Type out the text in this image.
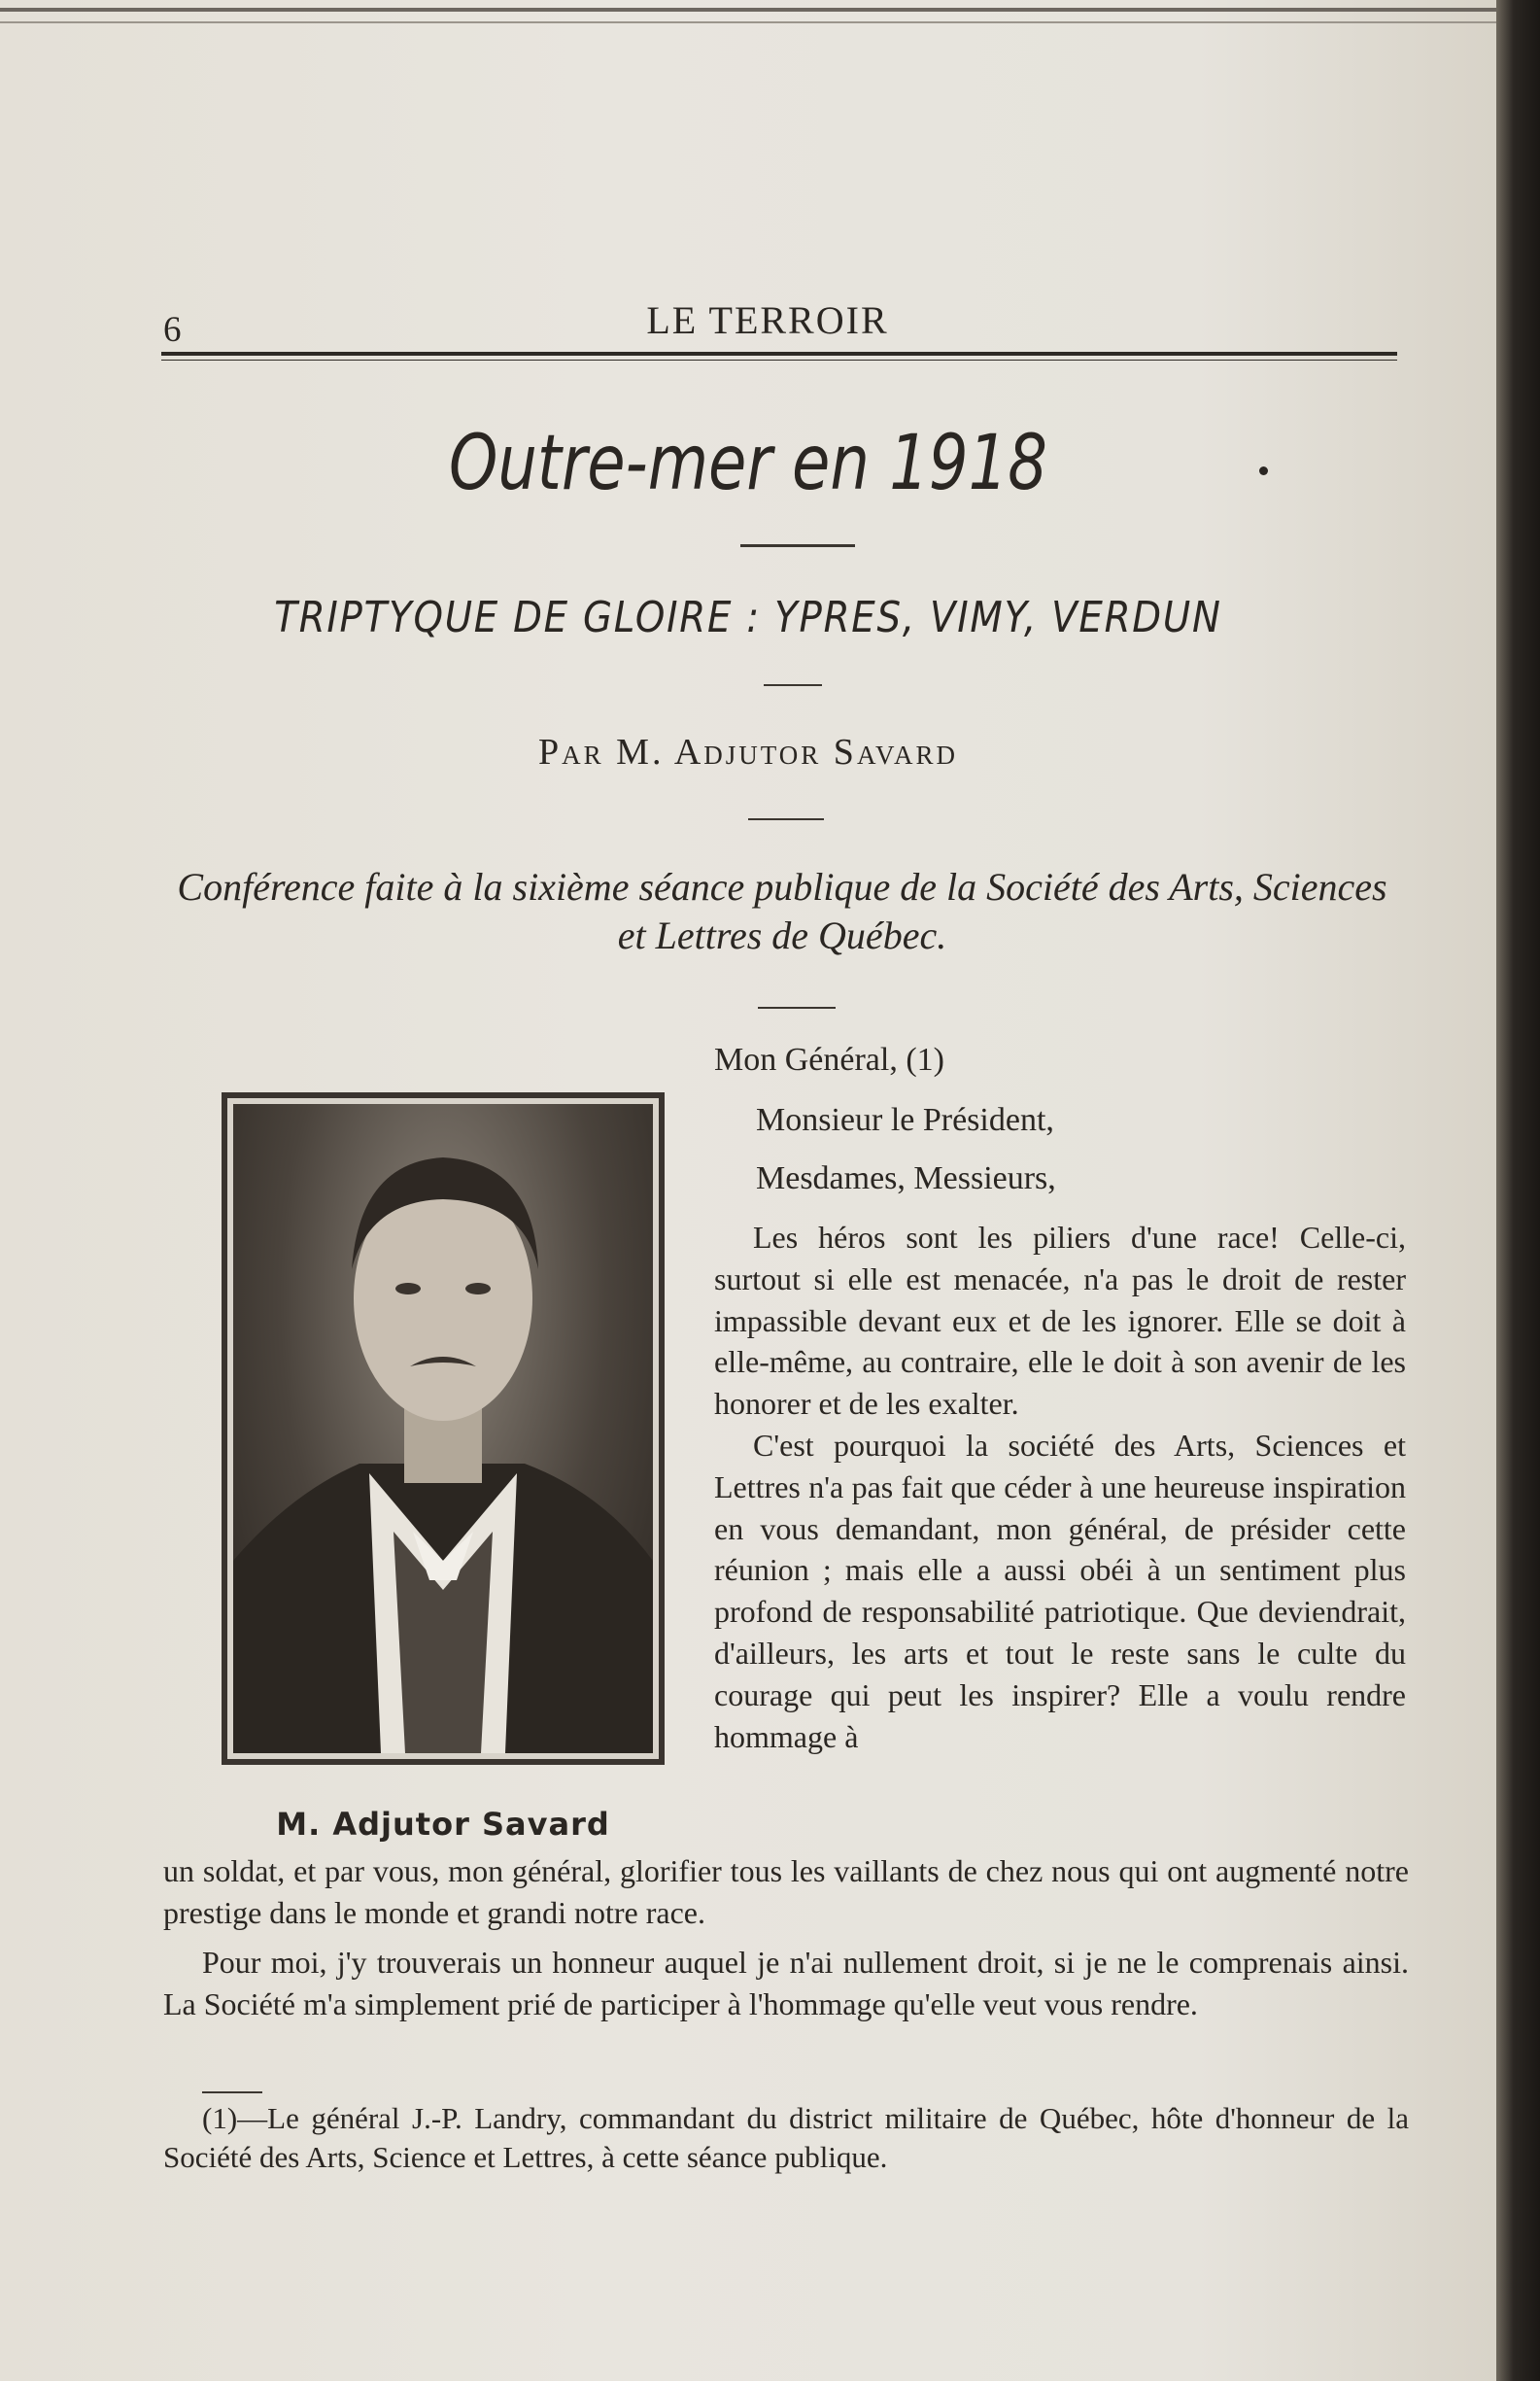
6	LE TERROIR
Outre-mer en 1918
TRIPTYQUE DE GLOIRE : YPRES, VIMY, VERDUN
Par M. Adjutor Savard
Conférence faite à la sixième séance publique de la Société des Arts, Sciences et Lettres de Québec.
M. Adjutor Savard
Mon Général, (1)
Monsieur le Président,
Mesdames, Messieurs,

Les héros sont les piliers d'une race! Celle-ci, surtout si elle est menacée, n'a pas le droit de rester impassible devant eux et de les ignorer. Elle se doit à elle-même, au contraire, elle le doit à son avenir de les honorer et de les exalter.

C'est pourquoi la société des Arts, Sciences et Lettres n'a pas fait que céder à une heureuse inspiration en vous demandant, mon général, de présider cette réunion ; mais elle a aussi obéi à un sentiment plus profond de responsabilité patriotique. Que deviendrait, d'ailleurs, les arts et tout le reste sans le culte du courage qui peut les inspirer? Elle a voulu rendre hommage à

un soldat, et par vous, mon général, glorifier tous les vaillants de chez nous qui ont augmenté notre prestige dans le monde et grandi notre race.

Pour moi, j'y trouverais un honneur auquel je n'ai nullement droit, si je ne le comprenais ainsi. La Société m'a simplement prié de participer à l'hommage qu'elle veut vous rendre.

(1)—Le général J.-P. Landry, commandant du district militaire de Québec, hôte d'honneur de la Société des Arts, Science et Lettres, à cette séance publique.
